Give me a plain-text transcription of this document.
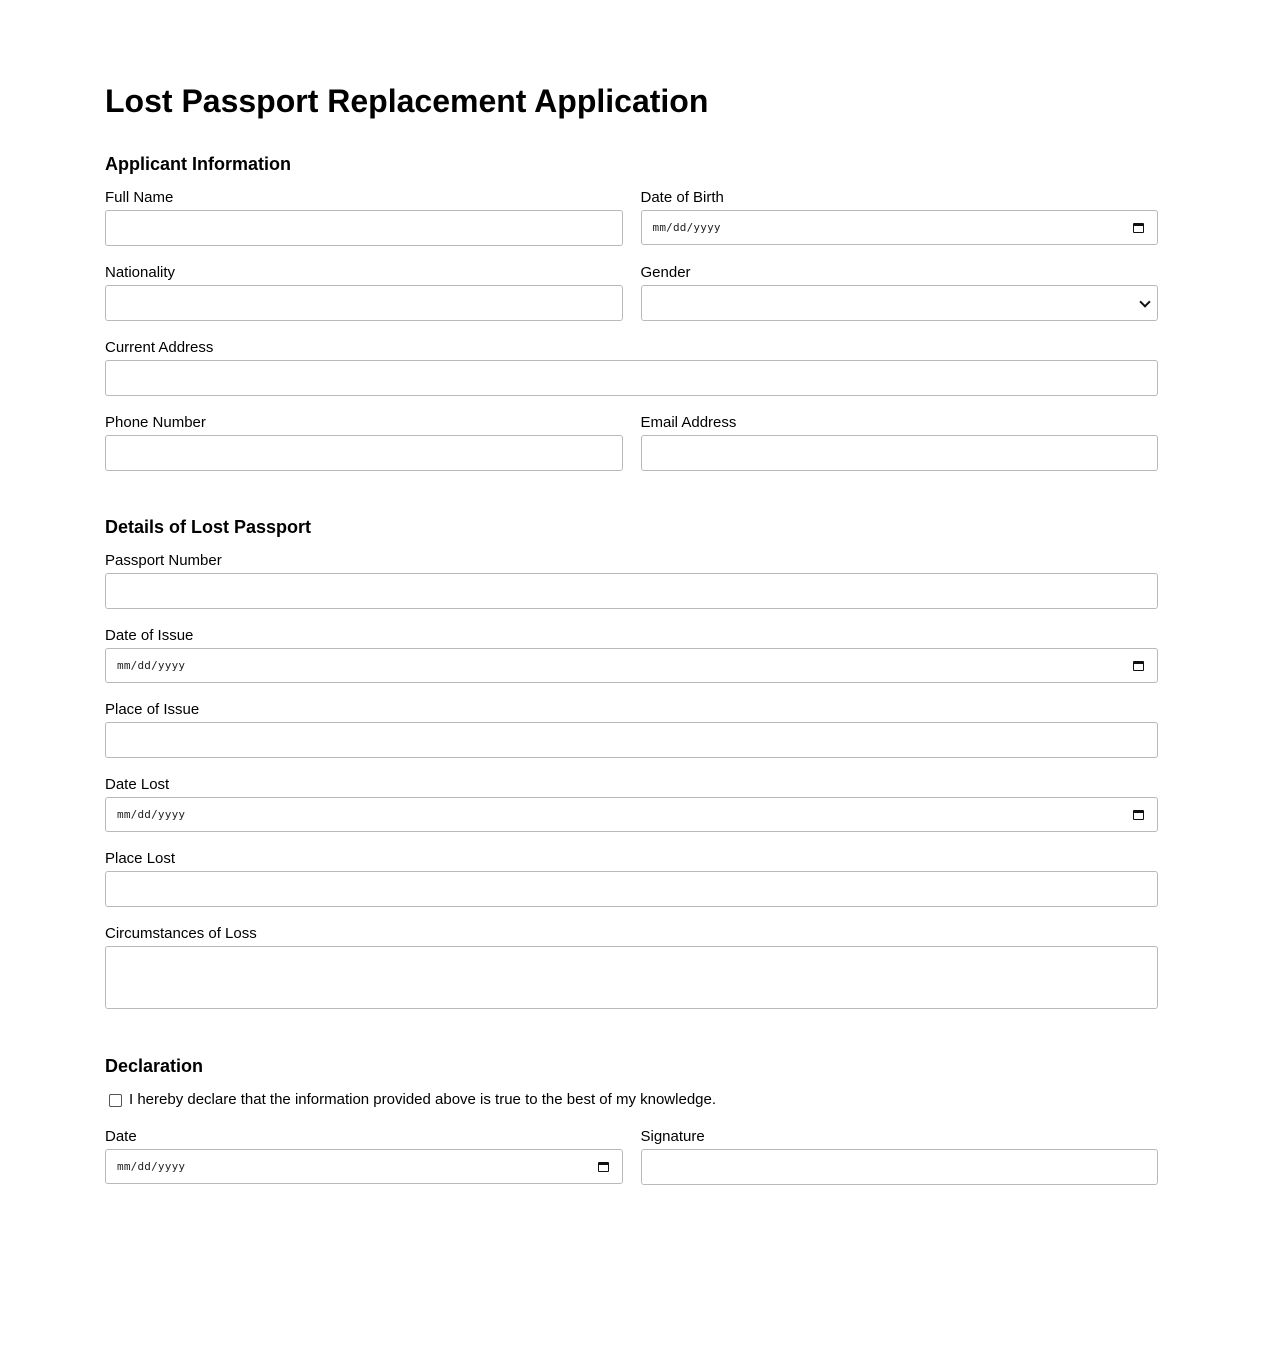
Lost Passport Replacement Application
Applicant Information
Full Name	Date of Birth
mm/dd/yyyy
Nationality	Gender
Current Address
Phone Number	Email Address
Details of Lost Passport
Passport Number
Date of Issue
mm/dd/yyyy
Place of Issue
Date Lost
mm/dd/yyyy
Place Lost
Circumstances of Loss
Declaration
I hereby declare that the information provided above is true to the best of my knowledge.
Date
mm/dd/yyyy
Signature
